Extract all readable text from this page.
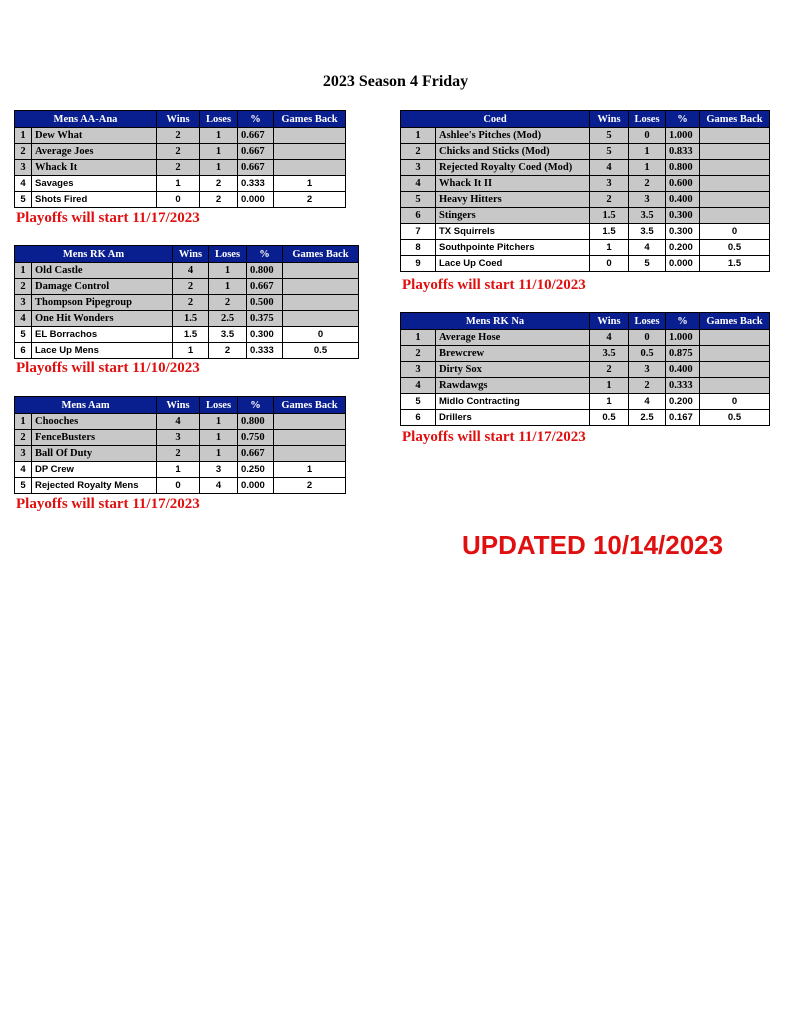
2023 Season 4 Friday
Mens AA-Ana		Wins	Loses	%	Games Back
1	Dew What	2	1	0.667	
2	Average Joes	2	1	0.667	
3	Whack It	2	1	0.667	
4	Savages	1	2	0.333	1
5	Shots Fired	0	2	0.000	2
Playoffs will start 11/17/2023
Mens RK Am		Wins	Loses	%	Games Back
1	Old Castle	4	1	0.800	
2	Damage Control	2	1	0.667	
3	Thompson Pipegroup	2	2	0.500	
4	One Hit Wonders	1.5	2.5	0.375	
5	EL Borrachos	1.5	3.5	0.300	0
6	Lace Up Mens	1	2	0.333	0.5
Playoffs will start 11/10/2023
Mens Aam		Wins	Loses	%	Games Back
1	Chooches	4	1	0.800	
2	FenceBusters	3	1	0.750	
3	Ball Of Duty	2	1	0.667	
4	DP Crew	1	3	0.250	1
5	Rejected Royalty Mens	0	4	0.000	2
Playoffs will start 11/17/2023
Coed		Wins	Loses	%	Games Back
1	Ashlee's Pitches (Mod)	5	0	1.000	
2	Chicks and Sticks (Mod)	5	1	0.833	
3	Rejected Royalty Coed (Mod)	4	1	0.800	
4	Whack It II	3	2	0.600	
5	Heavy Hitters	2	3	0.400	
6	Stingers	1.5	3.5	0.300	
7	TX Squirrels	1.5	3.5	0.300	0
8	Southpointe Pitchers	1	4	0.200	0.5
9	Lace Up Coed	0	5	0.000	1.5
Playoffs will start 11/10/2023
Mens RK Na		Wins	Loses	%	Games Back
1	Average Hose	4	0	1.000	
2	Brewcrew	3.5	0.5	0.875	
3	Dirty Sox	2	3	0.400	
4	Rawdawgs	1	2	0.333	
5	Midlo Contracting	1	4	0.200	0
6	Drillers	0.5	2.5	0.167	0.5
Playoffs will start 11/17/2023
UPDATED 10/14/2023
